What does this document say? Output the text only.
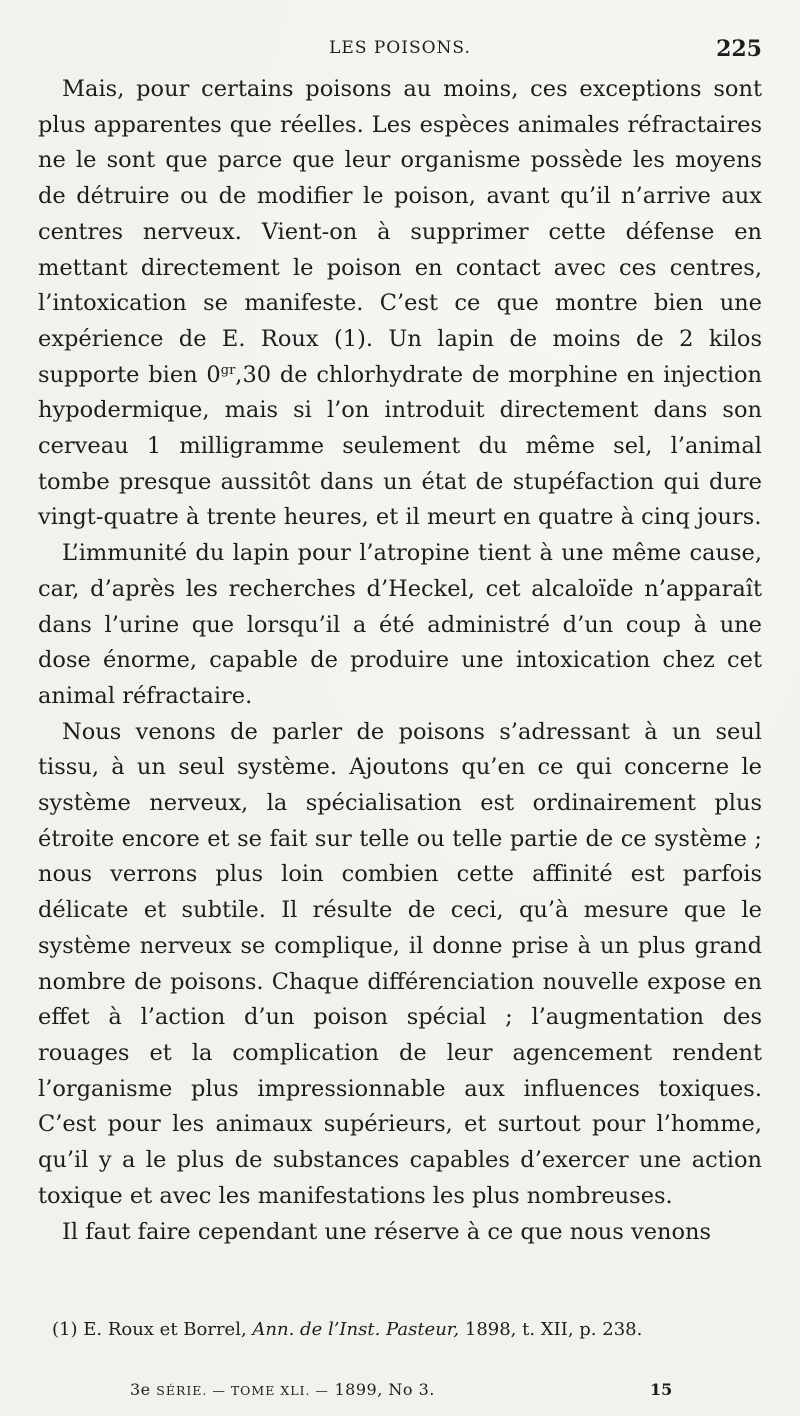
LES POISONS.	225

Mais, pour certains poisons au moins, ces exceptions sont plus apparentes que réelles. Les espèces animales réfractaires ne le sont que parce que leur organisme possède les moyens de détruire ou de modifier le poison, avant qu’il n’arrive aux centres nerveux. Vient-on à supprimer cette défense en mettant directement le poison en contact avec ces centres, l’intoxication se manifeste. C’est ce que montre bien une expérience de E. Roux (1). Un lapin de moins de 2 kilos supporte bien $0^{gr},30$ de chlorhydrate de morphine en injection hypodermique, mais si l’on introduit directement dans son cerveau 1 milligramme seulement du même sel, l’animal tombe presque aussitôt dans un état de stupéfaction qui dure vingt-quatre à trente heures, et il meurt en quatre à cinq jours.

L’immunité du lapin pour l’atropine tient à une même cause, car, d’après les recherches d’Heckel, cet alcaloïde n’apparaît dans l’urine que lorsqu’il a été administré d’un coup à une dose énorme, capable de produire une intoxication chez cet animal réfractaire.

Nous venons de parler de poisons s’adressant à un seul tissu, à un seul système. Ajoutons qu’en ce qui concerne le système nerveux, la spécialisation est ordinairement plus étroite encore et se fait sur telle ou telle partie de ce système ; nous verrons plus loin combien cette affinité est parfois délicate et subtile. Il résulte de ceci, qu’à mesure que le système nerveux se complique, il donne prise à un plus grand nombre de poisons. Chaque différenciation nouvelle expose en effet à l’action d’un poison spécial ; l’augmentation des rouages et la complication de leur agencement rendent l’organisme plus impressionnable aux influences toxiques. C’est pour les animaux supérieurs, et surtout pour l’homme, qu’il y a le plus de substances capables d’exercer une action toxique et avec les manifestations les plus nombreuses.

Il faut faire cependant une réserve à ce que nous venons

(1) E. Roux et Borrel, Ann. de l’Inst. Pasteur, 1898, t. XII, p. 238.
3e SÉRIE. — TOME XLI. — 1899, No 3.	15
